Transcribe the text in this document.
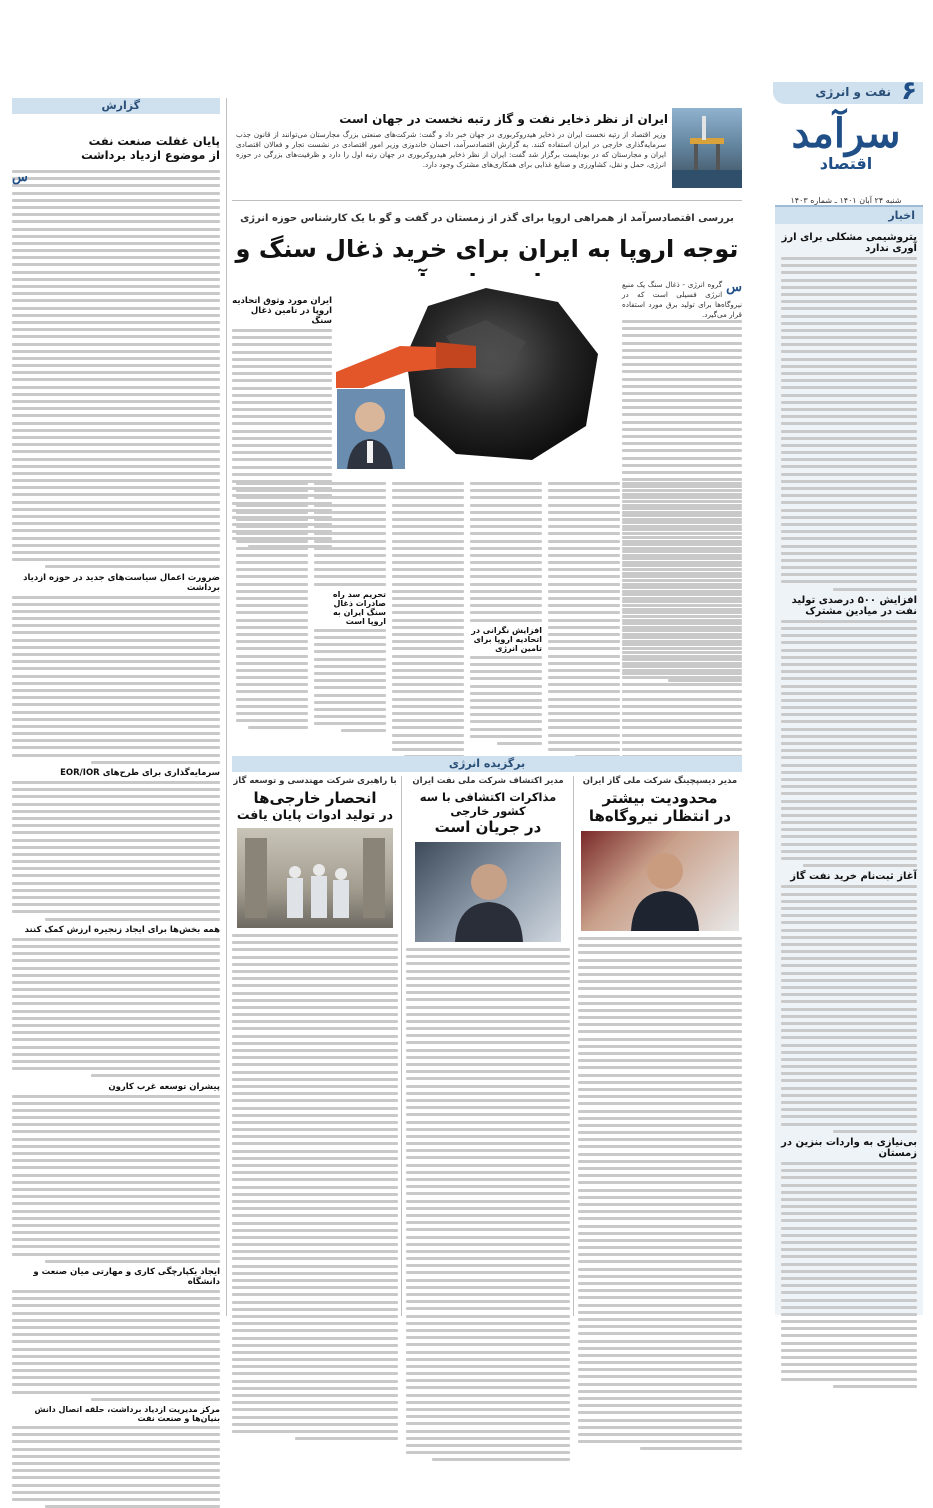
نفت و انرژی ۶
سرآمد
اقتصاد
شنبه ۲۴ آبان ۱۴۰۱ ـ شماره ۱۴۰۳
ایران از نظر ذخایر نفت و گاز رتبه نخست در جهان است
وزیر اقتصاد از رتبه نخست ایران در ذخایر هیدروکربوری در جهان خبر داد و گفت: شرکت‌های صنعتی بزرگ مجارستان می‌توانند از قانون جذب سرمایه‌گذاری خارجی در ایران استفاده کنند. به گزارش اقتصادسرآمد، احسان خاندوزی وزیر امور اقتصادی در نشست تجار و فعالان اقتصادی ایران و مجارستان که در بوداپست برگزار شد گفت: ایران از نظر ذخایر هیدروکربوری در جهان رتبه اول را دارد و ظرفیت‌های بزرگی در حوزه انرژی، حمل و نقل، کشاورزی و صنایع غذایی برای همکاری‌های مشترک وجود دارد.
اخبار
پتروشیمی مشکلی برای ارز آوری ندارد
افزایش ۵۰۰ درصدی تولید نفت در میادین مشترک
آغاز ثبت‌نام خرید نفت گاز
بی‌نیازی به واردات بنزین در زمستان
بررسی اقتصادسرآمد از همراهی اروپا برای گذر از زمستان در گفت و گو با یک کارشناس حوزه انرژی
توجه اروپا به ایران برای خرید ذغال سنگ و
س
گروه انرژی - ذغال سنگ یک منبع انرژی فسیلی است که در نیروگاه‌ها برای تولید برق مورد استفاده قرار می‌گیرد.
ایران مورد وثوق اتحادیه اروپا در تامین ذغال سنگ
افزایش نگرانی در اتحادیه اروپا برای تامین انرژی
تحریم سد راه صادرات ذغال سنگ ایران به اروپا است
برگزیده انرژی
مدیر دیسپچینگ شرکت ملی گاز ایران
محدودیت بیشتر
در انتظار نیروگاه‌ها
مدیر اکتشاف شرکت ملی نفت ایران
مذاکرات اکتشافی با سه کشور خارجی
در جریان است
با راهبری شرکت مهندسی و توسعه گاز
انحصار خارجی‌ها
در تولید ادوات پایان یافت
گزارش
پایان غفلت صنعت نفت
از موضوع ازدیاد برداشت
س
ضرورت اعمال سیاست‌های جدید در حوزه ازدیاد برداشت
سرمایه‌گذاری برای طرح‌های EOR/IOR
همه بخش‌ها برای ایجاد زنجیره ارزش کمک کنند
پیشران توسعه غرب کارون
ایجاد یکپارچگی کاری و مهارتی میان صنعت و دانشگاه
مرکز مدیریت ازدیاد برداشت، حلقه اتصال دانش بنیان‌ها و صنعت نفت
